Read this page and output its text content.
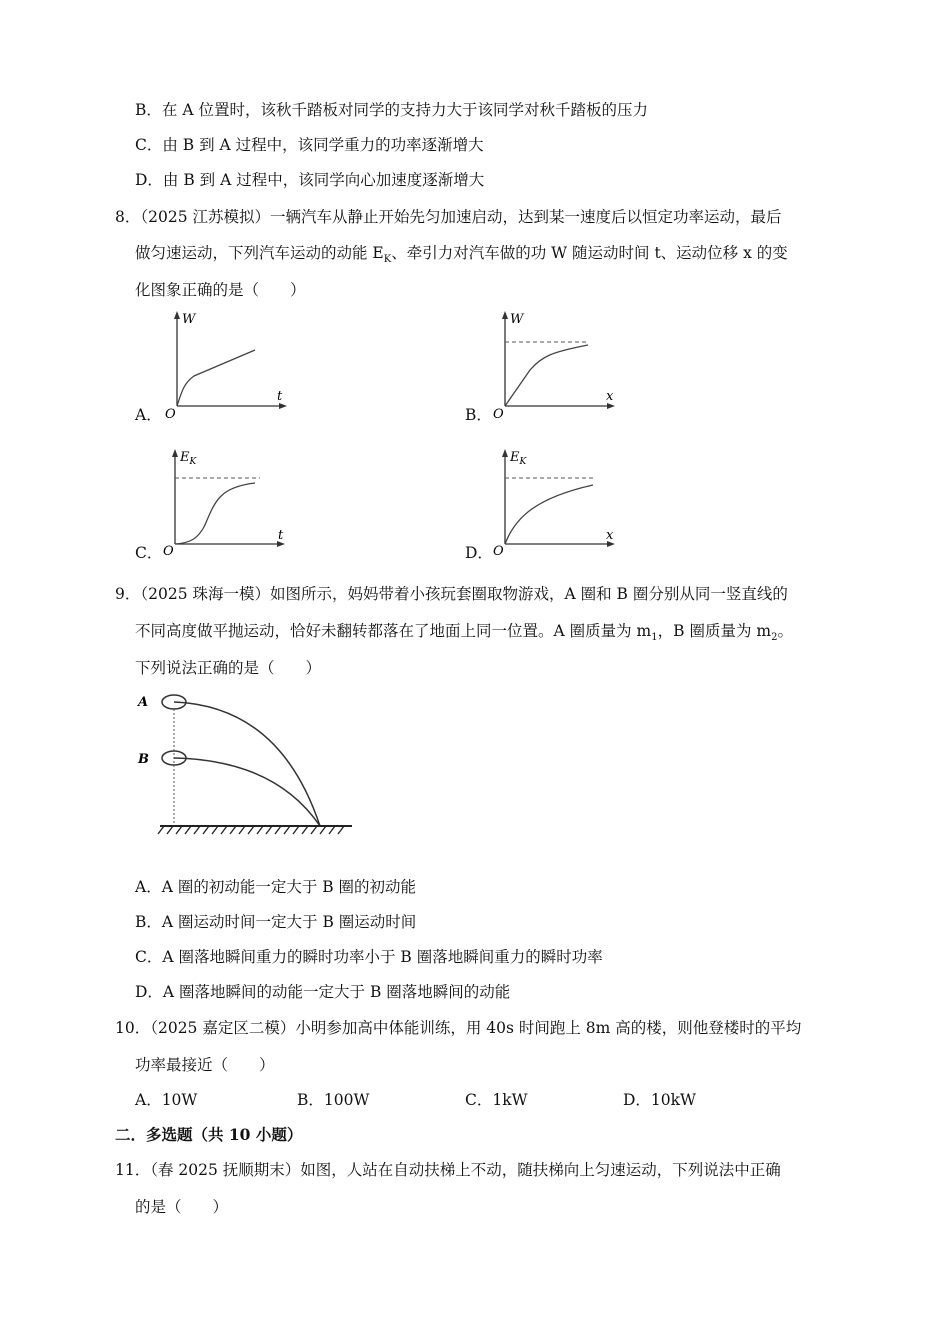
B．在 A 位置时，该秋千踏板对同学的支持力大于该同学对秋千踏板的压力
C．由 B 到 A 过程中，该同学重力的功率逐渐增大
D．由 B 到 A 过程中，该同学向心加速度逐渐增大
8．（2025 江苏模拟）一辆汽车从静止开始先匀加速启动，达到某一速度后以恒定功率运动，最后
做匀速运动，下列汽车运动的动能 $E_K$、牵引力对汽车做的功 W 随运动时间 t、运动位移 x 的变
化图象正确的是（　　）
A．
W
t
O	B．
W
x
O
C．
$E_K$
t
O	D．
$E_K$
x
O
9．（2025 珠海一模）如图所示，妈妈带着小孩玩套圈取物游戏，A 圈和 B 圈分别从同一竖直线的
不同高度做平抛运动，恰好未翻转都落在了地面上同一位置。A 圈质量为 $m_1$，B 圈质量为 $m_2$。
下列说法正确的是（　　）
A
B
A．A 圈的初动能一定大于 B 圈的初动能
B．A 圈运动时间一定大于 B 圈运动时间
C．A 圈落地瞬间重力的瞬时功率小于 B 圈落地瞬间重力的瞬时功率
D．A 圈落地瞬间的动能一定大于 B 圈落地瞬间的动能
10．（2025 嘉定区二模）小明参加高中体能训练，用 40s 时间跑上 8m 高的楼，则他登楼时的平均
功率最接近（　　）
A．10W	B．100W	C．1kW	D．10kW
二．多选题（共 10 小题）
11．（春 2025 抚顺期末）如图，人站在自动扶梯上不动，随扶梯向上匀速运动，下列说法中正确
的是（　　）
